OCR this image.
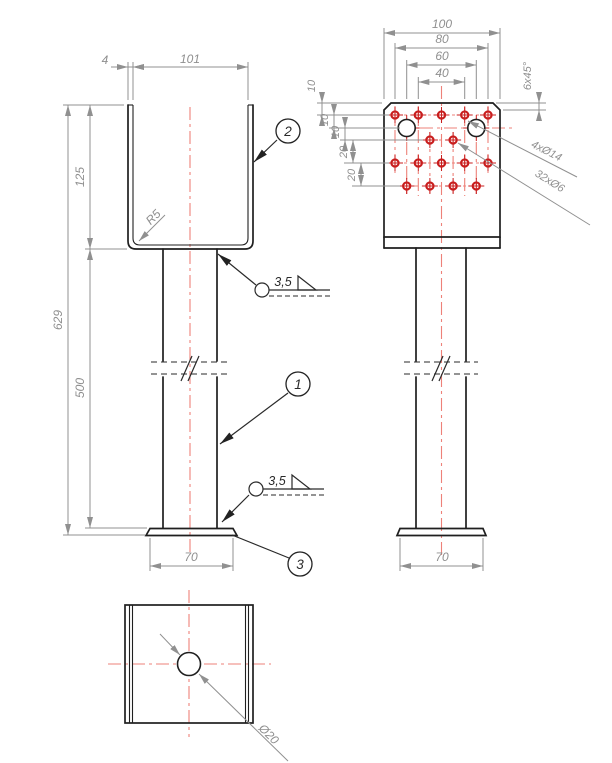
4	101
125
629
500
70
R5
3,5
3,5
2
1
3
100
80
60
40
10
10
10
20
20
6x45°
4xØ14
32xØ6
70
Ø20
